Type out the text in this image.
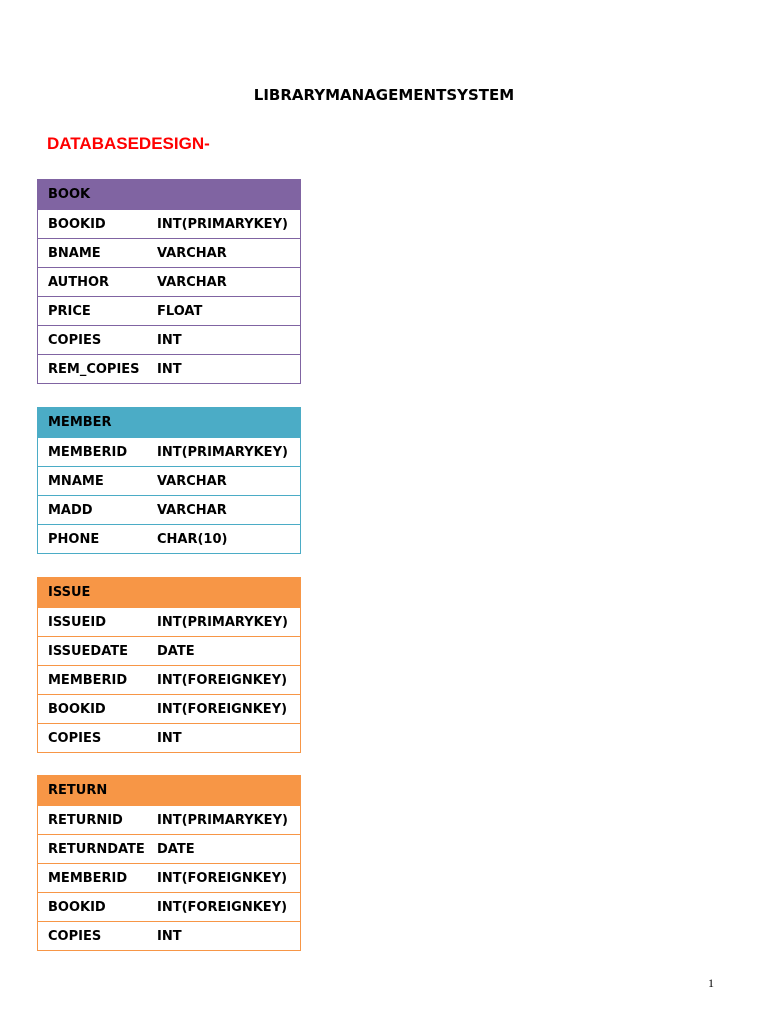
LIBRARYMANAGEMENTSYSTEM
DATABASEDESIGN-
BOOK	
BOOKID	INT(PRIMARYKEY)
BNAME	VARCHAR
AUTHOR	VARCHAR
PRICE	FLOAT
COPIES	INT
REM_COPIES	INT
MEMBER	
MEMBERID	INT(PRIMARYKEY)
MNAME	VARCHAR
MADD	VARCHAR
PHONE	CHAR(10)
ISSUE	
ISSUEID	INT(PRIMARYKEY)
ISSUEDATE	DATE
MEMBERID	INT(FOREIGNKEY)
BOOKID	INT(FOREIGNKEY)
COPIES	INT
RETURN	
RETURNID	INT(PRIMARYKEY)
RETURNDATE	DATE
MEMBERID	INT(FOREIGNKEY)
BOOKID	INT(FOREIGNKEY)
COPIES	INT
1
